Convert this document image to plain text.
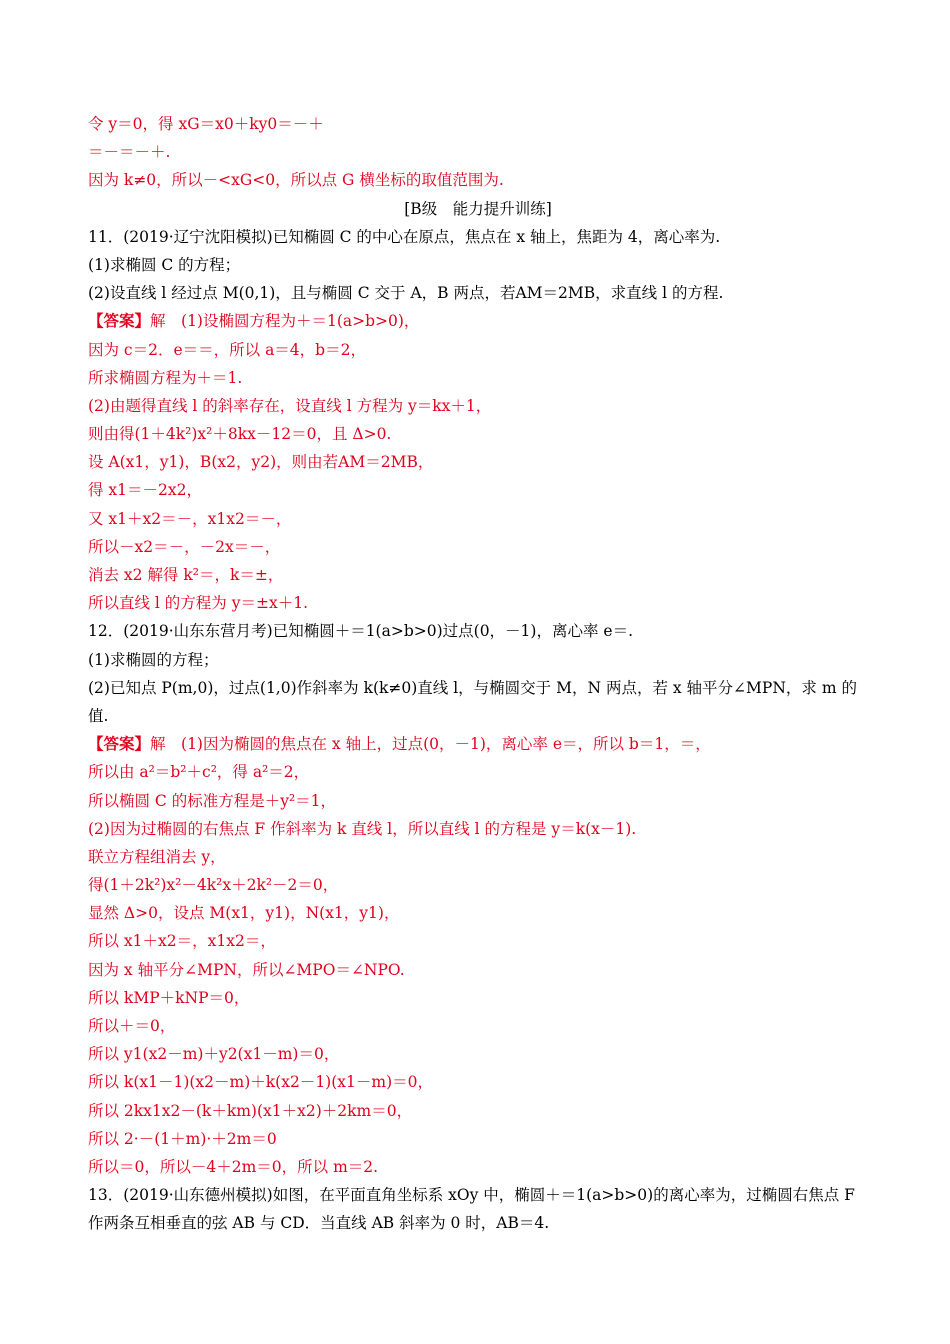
令 y＝0，得 xG＝x0＋ky0＝－＋
＝－＝－＋.
因为 k≠0，所以－<xG<0，所以点 G 横坐标的取值范围为.
[B级　能力提升训练]
11．(2019·辽宁沈阳模拟)已知椭圆 C 的中心在原点，焦点在 x 轴上，焦距为 4，离心率为.
(1)求椭圆 C 的方程；
(2)设直线 l 经过点 M(0,1)，且与椭圆 C 交于 A，B 两点，若AM＝2MB，求直线 l 的方程.
【答案】解　(1)设椭圆方程为＋＝1(a>b>0)，
因为 c＝2．e＝＝，所以 a＝4，b＝2，
所求椭圆方程为＋＝1.
(2)由题得直线 l 的斜率存在，设直线 l 方程为 y＝kx＋1，
则由得(1＋4k²)x²＋8kx－12＝0，且 Δ>0.
设 A(x1，y1)，B(x2，y2)，则由若AM＝2MB，
得 x1＝－2x2，
又 x1＋x2＝－，x1x2＝－，
所以－x2＝－，－2x＝－，
消去 x2 解得 k²＝，k＝±，
所以直线 l 的方程为 y＝±x＋1.
12．(2019·山东东营月考)已知椭圆＋＝1(a>b>0)过点(0，－1)，离心率 e＝.
(1)求椭圆的方程；
(2)已知点 P(m,0)，过点(1,0)作斜率为 k(k≠0)直线 l，与椭圆交于 M，N 两点，若 x 轴平分∠MPN，求 m 的值.
【答案】解　(1)因为椭圆的焦点在 x 轴上，过点(0，－1)，离心率 e＝，所以 b＝1，＝，
所以由 a²＝b²＋c²，得 a²＝2，
所以椭圆 C 的标准方程是＋y²＝1，
(2)因为过椭圆的右焦点 F 作斜率为 k 直线 l，所以直线 l 的方程是 y＝k(x－1).
联立方程组消去 y，
得(1＋2k²)x²－4k²x＋2k²－2＝0，
显然 Δ>0，设点 M(x1，y1)，N(x1，y1)，
所以 x1＋x2＝，x1x2＝，
因为 x 轴平分∠MPN，所以∠MPO＝∠NPO.
所以 kMP＋kNP＝0，
所以＋＝0，
所以 y1(x2－m)＋y2(x1－m)＝0，
所以 k(x1－1)(x2－m)＋k(x2－1)(x1－m)＝0，
所以 2kx1x2－(k＋km)(x1＋x2)＋2km＝0，
所以 2·－(1＋m)·＋2m＝0
所以＝0，所以－4＋2m＝0，所以 m＝2.
13．(2019·山东德州模拟)如图，在平面直角坐标系 xOy 中，椭圆＋＝1(a>b>0)的离心率为，过椭圆右焦点 F 作两条互相垂直的弦 AB 与 CD．当直线 AB 斜率为 0 时，AB＝4.
